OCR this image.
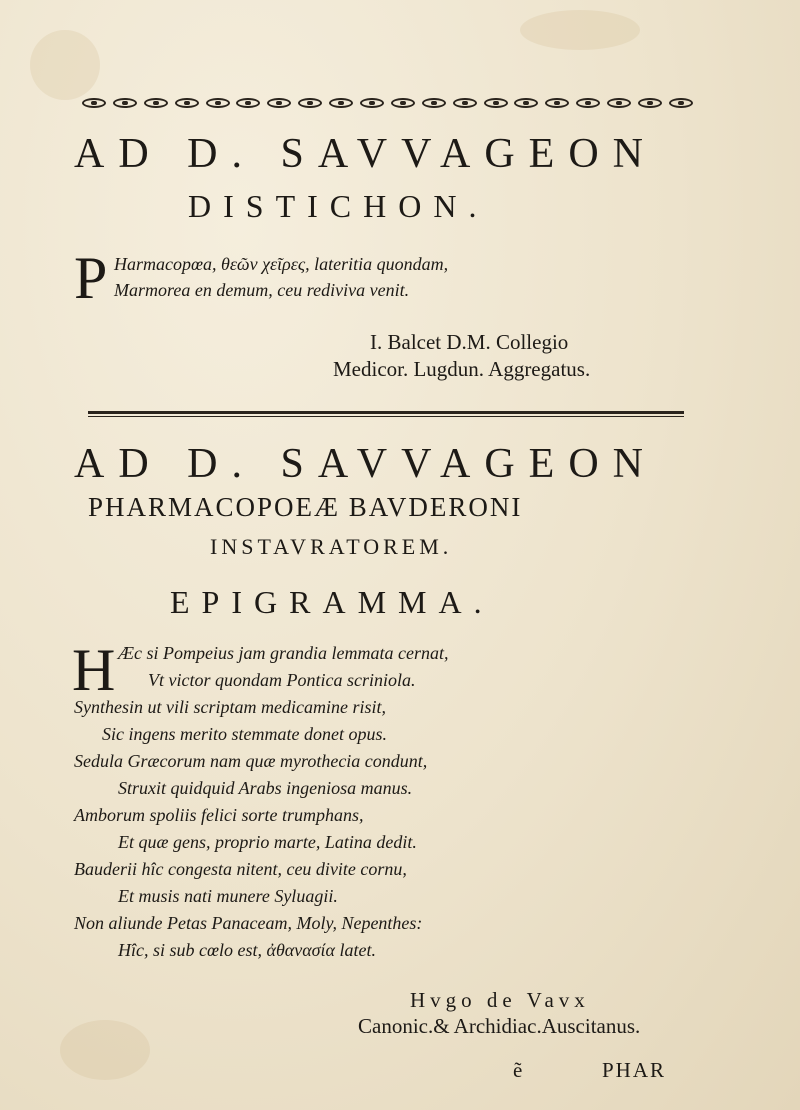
AD D. SAVVAGEON
DISTICHON.
P Harmacopœa, θεῶν χεῖρες, lateritia quondam,
Marmorea en demum, ceu rediviva venit.
I. Balcet D.M. Collegio
Medicor. Lugdun. Aggregatus.
AD D. SAVVAGEON
PHARMACOPOEÆ BAVDERONI
INSTAVRATOREM.
EPIGRAMMA.
H Æc si Pompeius jam grandia lemmata cernat,
Vt victor quondam Pontica scriniola.
Synthesin ut vili scriptam medicamine risit,
Sic ingens merito stemmate donet opus.
Sedula Græcorum nam quæ myrothecia condunt,
Struxit quidquid Arabs ingeniosa manus.
Amborum spoliis felici sorte trumphans,
Et quæ gens, proprio marte, Latina dedit.
Bauderii hîc congesta nitent, ceu divite cornu,
Et musis nati munere Syluagii.
Non aliunde Petas Panaceam, Moly, Nepenthes:
Hîc, si sub cœlo est, ἀθανασία latet.
Hvgo de Vavx
Canonic.& Archidiac.Auscitanus.
ẽ	PHAR
